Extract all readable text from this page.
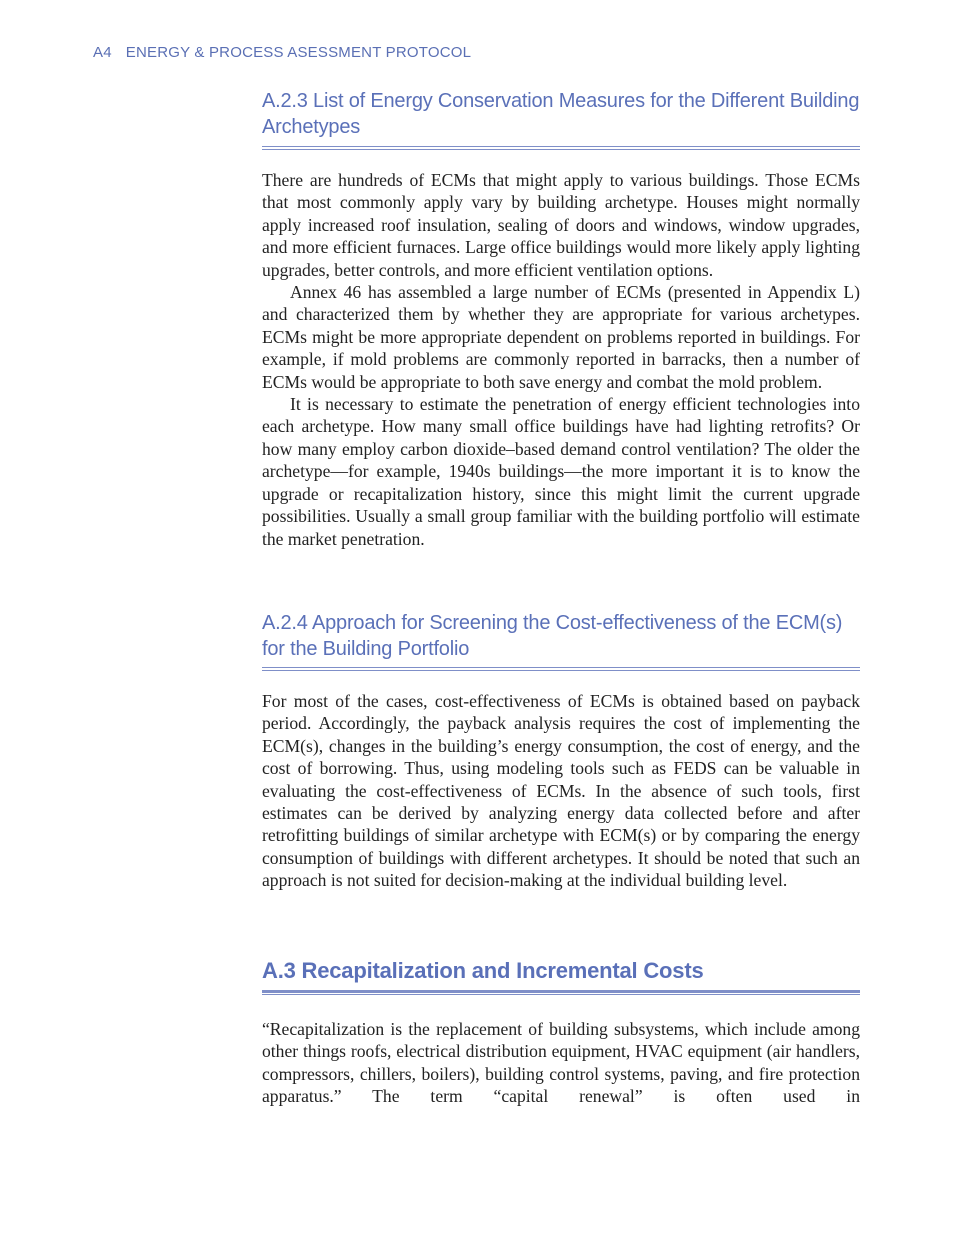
A4 ENERGY & PROCESS ASESSMENT PROTOCOL
A.2.3 List of Energy Conservation Measures for the Different Building Archetypes

There are hundreds of ECMs that might apply to various buildings. Those ECMs that most commonly apply vary by building archetype. Houses might normally apply increased roof insulation, sealing of doors and windows, window upgrades, and more efficient furnaces. Large office buildings would more likely apply lighting upgrades, better controls, and more efficient ventilation options.

Annex 46 has assembled a large number of ECMs (presented in Appendix L) and characterized them by whether they are appropriate for various archetypes. ECMs might be more appropriate dependent on problems reported in buildings. For example, if mold problems are commonly reported in barracks, then a number of ECMs would be appropriate to both save energy and combat the mold problem.

It is necessary to estimate the penetration of energy efficient technologies into each archetype. How many small office buildings have had lighting retrofits? Or how many employ carbon dioxide–based demand control ventilation? The older the archetype—for example, 1940s buildings—the more important it is to know the upgrade or recapitalization history, since this might limit the current upgrade possibilities. Usually a small group familiar with the building portfolio will estimate the market penetration.

A.2.4 Approach for Screening the Cost-effectiveness of the ECM(s) for the Building Portfolio

For most of the cases, cost-effectiveness of ECMs is obtained based on payback period. Accordingly, the payback analysis requires the cost of implementing the ECM(s), changes in the building’s energy consumption, the cost of energy, and the cost of borrowing. Thus, using modeling tools such as FEDS can be valuable in evaluating the cost-effectiveness of ECMs. In the absence of such tools, first estimates can be derived by analyzing energy data collected before and after retrofitting buildings of similar archetype with ECM(s) or by comparing the energy consumption of buildings with different archetypes. It should be noted that such an approach is not suited for decision-making at the individual building level.

A.3 Recapitalization and Incremental Costs

“Recapitalization is the replacement of building subsystems, which include among other things roofs, electrical distribution equipment, HVAC equipment (air handlers, compressors, chillers, boilers), building control systems, paving, and fire protection apparatus.” The term “capital renewal” is often used in
